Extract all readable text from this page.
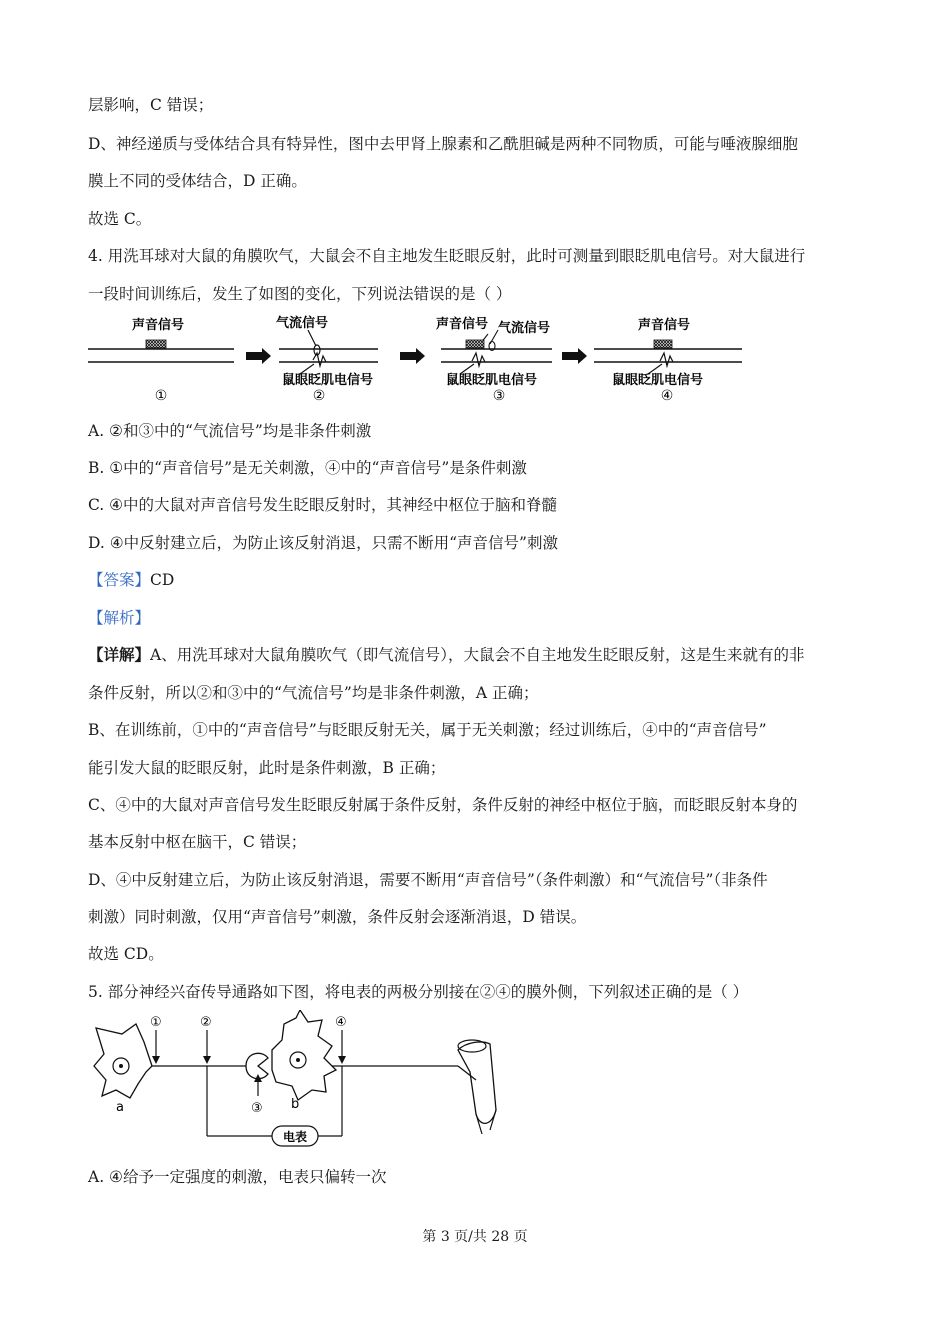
层影响，C 错误；
D、神经递质与受体结合具有特异性，图中去甲肾上腺素和乙酰胆碱是两种不同物质，可能与唾液腺细胞
膜上不同的受体结合，D 正确。
故选 C。
4. 用洗耳球对大鼠的角膜吹气，大鼠会不自主地发生眨眼反射，此时可测量到眼眨肌电信号。对大鼠进行
一段时间训练后，发生了如图的变化，下列说法错误的是（ ）
声音信号
①
气流信号
鼠眼眨肌电信号
②
声音信号 气流信号
鼠眼眨肌电信号
③
声音信号
鼠眼眨肌电信号
④
A. ②和③中的“气流信号”均是非条件刺激
B. ①中的“声音信号”是无关刺激，④中的“声音信号”是条件刺激
C. ④中的大鼠对声音信号发生眨眼反射时，其神经中枢位于脑和脊髓
D. ④中反射建立后，为防止该反射消退，只需不断用“声音信号”刺激
【答案】CD
【解析】
【详解】A、用洗耳球对大鼠角膜吹气（即气流信号），大鼠会不自主地发生眨眼反射，这是生来就有的非
条件反射，所以②和③中的“气流信号”均是非条件刺激，A 正确；
B、在训练前，①中的“声音信号”与眨眼反射无关，属于无关刺激；经过训练后，④中的“声音信号”
能引发大鼠的眨眼反射，此时是条件刺激，B 正确；
C、④中的大鼠对声音信号发生眨眼反射属于条件反射，条件反射的神经中枢位于脑，而眨眼反射本身的
基本反射中枢在脑干，C 错误；
D、④中反射建立后，为防止该反射消退，需要不断用“声音信号”（条件刺激）和“气流信号”（非条件
刺激）同时刺激，仅用“声音信号”刺激，条件反射会逐渐消退，D 错误。
故选 CD。
5. 部分神经兴奋传导通路如下图，将电表的两极分别接在②④的膜外侧，下列叙述正确的是（ ）
a	b
①	②	④
③
电表
A. ④给予一定强度的刺激，电表只偏转一次
第 3 页/共 28 页
